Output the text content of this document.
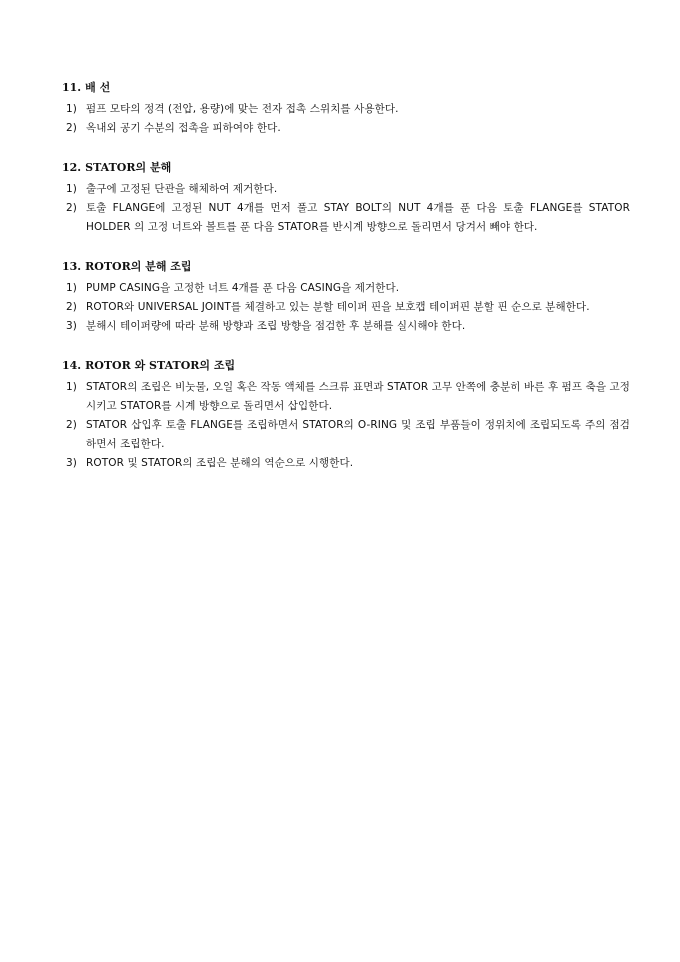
11. 배 선
1) 펌프 모타의 정격 (전압, 용량)에 맞는 전자 접촉 스위치를 사용한다.
2) 옥내외 공기 수분의 접촉을 피하여야 한다.
12. STATOR의 분해
1) 출구에 고정된 단관을 해체하여 제거한다.
2) 토출 FLANGE에 고정된 NUT 4개를 먼저 풀고 STAY BOLT의 NUT 4개를 푼 다음 토출 FLANGE를 STATOR HOLDER 의 고정 너트와 볼트를 푼 다음 STATOR를 반시계 방향으로 돌리면서 당겨서 빼야 한다.
13. ROTOR의 분해 조립
1) PUMP CASING을 고정한 너트 4개를 푼 다음 CASING을 제거한다.
2) ROTOR와 UNIVERSAL JOINT를 체결하고 있는 분할 테이퍼 핀을 보호캡 테이퍼핀 분할 핀 순으로 분해한다.
3) 분해시 테이퍼량에 따라 분해 방향과 조립 방향을 점검한 후 분해를 실시해야 한다.
14. ROTOR 와 STATOR의 조립
1) STATOR의 조립은 비눗물, 오일 혹은 작동 액체를 스크류 표면과 STATOR 고무 안쪽에 충분히 바른 후 펌프 축을 고정시키고 STATOR를 시계 방향으로 돌리면서 삽입한다.
2) STATOR 삽입후 토출 FLANGE를 조립하면서 STATOR의 O-RING 및 조립 부품들이 정위치에 조립되도록 주의 점검하면서 조립한다.
3) ROTOR 및 STATOR의 조립은 분해의 역순으로 시행한다.
